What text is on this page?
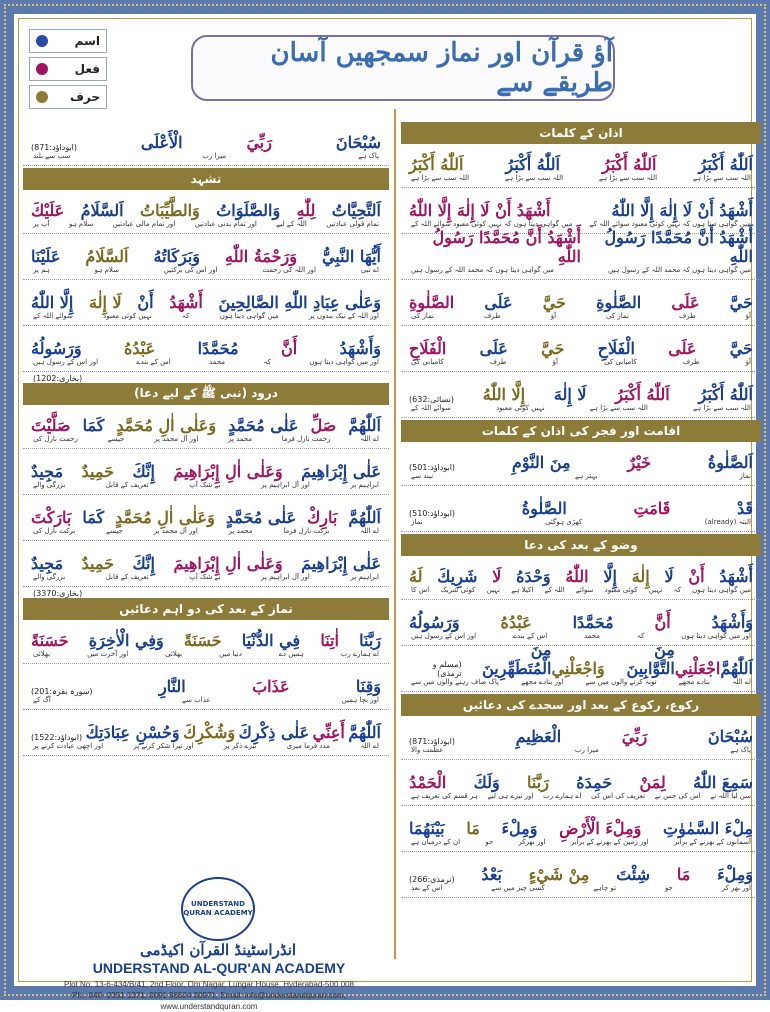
اسم
فعل
حرف
آؤ قرآن اور نماز سمجھیں آسان طریقے سے
سُبْحَانَ
رَبِّيَ
الْأَعْلَى
(ابوداؤد:871)
پاک ہے
میرا رب
سب سے بلند
تشہد
اَلتَّحِيَّاتُ
لِلّٰهِ
وَالصَّلَوَاتُ
وَالطَّيِّبَاتُ
اَلسَّلَامُ
عَلَيْكَ
تمام قولی عبادتیں
اللہ کے لیے
اور تمام بدنی عبادتیں
اور تمام مالی عبادتیں
سلام ہو
آپ پر
أَيُّهَا النَّبِيُّ
وَرَحْمَةُ اللّٰهِ
وَبَرَكَاتُهُ
اَلسَّلَامُ
عَلَيْنَا
اے نبی
اور اللہ کی رحمت
اور اس کی برکتیں
سلام ہو
ہم پر
وَعَلٰى عِبَادِ اللّٰهِ الصَّالِحِينَ
أَشْهَدُ
أَنْ
لَا إِلٰهَ
إِلَّا اللّٰهُ
اور اللہ کے نیک بندوں پر
میں گواہی دیتا ہوں
کہ
نہیں کوئی معبود
سوائے اللہ کے
وَأَشْهَدُ
أَنَّ
مُحَمَّدًا
عَبْدُهُ
وَرَسُولُهُ
اور میں گواہی دیتا ہوں
کہ
محمد
اس کے بندے
اور اس کے رسول ہیں
(بخاری:1202)
درود (نبی ﷺ کے لیے دعا)
اَللّٰهُمَّ
صَلِّ
عَلٰى مُحَمَّدٍ
وَعَلٰى اٰلِ مُحَمَّدٍ
كَمَا
صَلَّيْتَ
اے اللہ
رحمت نازل فرما
محمد پر
اور آل محمد پر
جیسے
رحمت نازل کی
عَلٰى إِبْرَاهِيمَ
وَعَلٰى اٰلِ إِبْرَاهِيمَ
إِنَّكَ
حَمِيدٌ
مَجِيدٌ
ابراہیم پر
اور آل ابراہیم پر
بے شک آپ
تعریف کے قابل
بزرگی والے
اَللّٰهُمَّ
بَارِكْ
عَلٰى مُحَمَّدٍ
وَعَلٰى اٰلِ مُحَمَّدٍ
كَمَا
بَارَكْتَ
اے اللہ
برکت نازل فرما
محمد پر
اور آل محمد پر
جیسے
برکت نازل کی
عَلٰى إِبْرَاهِيمَ
وَعَلٰى اٰلِ إِبْرَاهِيمَ
إِنَّكَ
حَمِيدٌ
مَجِيدٌ
ابراہیم پر
اور آل ابراہیم پر
بے شک آپ
تعریف کے قابل
بزرگی والے
(بخاری:3370)
نماز کے بعد کی دو اہم دعائیں
رَبَّنَا
اٰتِنَا
فِي الدُّنْيَا
حَسَنَةً
وَفِي الْاٰخِرَةِ
حَسَنَةً
اے ہمارے رب
ہمیں دے
دنیا میں
بھلائی
اور آخرت میں
بھلائی
وَقِنَا
عَذَابَ
النَّارِ
(سورہ بقرہ:201)
اور بچا ہمیں
عذاب سے
آگ کے
اَللّٰهُمَّ
أَعِنِّي
عَلٰى ذِكْرِكَ
وَشُكْرِكَ
وَحُسْنِ عِبَادَتِكَ
(ابوداؤد:1522)
اے اللہ
مدد فرما میری
تیرے ذکر پر
اور تیرا شکر کرنے پر
اور اچھی عبادت کرنے پر
اذان کے کلمات
اَللّٰهُ أَكْبَرُ
اَللّٰهُ أَكْبَرُ
اَللّٰهُ أَكْبَرُ
اَللّٰهُ أَكْبَرُ
اللہ سب سے بڑا ہے
اللہ سب سے بڑا ہے
اللہ سب سے بڑا ہے
اللہ سب سے بڑا ہے
أَشْهَدُ أَنْ لَا إِلٰهَ إِلَّا اللّٰهُ
أَشْهَدُ أَنْ لَا إِلٰهَ إِلَّا اللّٰهُ
میں گواہی دیتا ہوں کہ نہیں کوئی معبود سوائے اللہ کے
میں گواہی دیتا ہوں کہ نہیں کوئی معبود سوائے اللہ کے
أَشْهَدُ أَنَّ مُحَمَّدًا رَسُولُ اللّٰهِ
أَشْهَدُ أَنَّ مُحَمَّدًا رَسُولُ اللّٰهِ
میں گواہی دیتا ہوں کہ محمد اللہ کے رسول ہیں
میں گواہی دیتا ہوں کہ محمد اللہ کے رسول ہیں
حَيَّ
عَلَى
الصَّلٰوةِ
حَيَّ
عَلَى
الصَّلٰوةِ
آؤ
طرف
نماز کی
آؤ
طرف
نماز کی
حَيَّ
عَلَى
الْفَلَاحِ
حَيَّ
عَلَى
الْفَلَاحِ
آؤ
طرف
کامیابی کی
آؤ
طرف
کامیابی کی
اَللّٰهُ أَكْبَرُ
اَللّٰهُ أَكْبَرُ
لَا إِلٰهَ
إِلَّا اللّٰهُ
(نسائی:632)
اللہ سب سے بڑا ہے
اللہ سب سے بڑا ہے
نہیں کوئی معبود
سوائے اللہ کے
اقامت اور فجر کی اذان کے کلمات
اَلصَّلٰوةُ
خَيْرٌ
مِنَ النَّوْمِ
(ابوداؤد:501)
نماز
بہتر ہے
نیند سے
قَدْ
قَامَتِ
الصَّلٰوةُ
(ابوداؤد:510)
البتہ (already)
کھڑی ہوگئی
نماز
وضو کے بعد کی دعا
أَشْهَدُ
أَنْ
لَا
إِلٰهَ
إِلَّا
اللّٰهُ
وَحْدَهُ
لَا
شَرِيكَ
لَهُ
میں گواہی دیتا ہوں
کہ
نہیں
کوئی معبود
سوائے
اللہ کے
اکیلا ہے
نہیں
کوئی شریک
اس کا
وَأَشْهَدُ
أَنَّ
مُحَمَّدًا
عَبْدُهُ
وَرَسُولُهُ
اور میں گواہی دیتا ہوں
کہ
محمد
اس کے بندے
اور اس کے رسول ہیں
اَللّٰهُمَّ
اجْعَلْنِي
مِنَ التَّوَّابِينَ
وَاجْعَلْنِي
مِنَ الْمُتَطَهِّرِينَ
(مسلم و ترمذی)
اے اللہ
بنادے مجھے
توبہ کرنے والوں میں سے
اور بنادے مجھے
پاک صاف رہنے والوں میں سے
رکوع، رکوع کے بعد اور سجدے کی دعائیں
سُبْحَانَ
رَبِّيَ
الْعَظِيمِ
(ابوداؤد:871)
پاک ہے
میرا رب
عظمت والا
سَمِعَ اللّٰهُ
لِمَنْ
حَمِدَهُ
رَبَّنَا
وَلَكَ
الْحَمْدُ
سن لیا اللہ نے
اس کی جس نے
تعریف کی اس کی
اے ہمارے رب
اور تیرے ہی لیے
ہر قسم کی تعریف ہے
مِلْءَ السَّمٰوٰتِ
وَمِلْءَ الْأَرْضِ
وَمِلْءَ
مَا
بَيْنَهُمَا
آسمانوں کے بھرنے کے برابر
اور زمین کے بھرنے کے برابر
اور بھرکر
جو
ان کے درمیان ہے
وَمِلْءَ
مَا
شِئْتَ
مِنْ شَيْءٍ
بَعْدُ
(ترمذی:266)
اور بھر کر
جو
تو چاہے
کسی چیز میں سے
اس کے بعد
UNDERSTAND QURAN ACADEMY
انڈراسٹینڈ القرآن اکیڈمی
UNDERSTAND AL-QUR'AN ACADEMY
Plot No. 13-6-434/B/41, 2nd Floor, Om Nagar, Lungar House, Hyderabad-500 008
Ph.: 040- 2351 1371, 0091 96524 30971, Email: info@understandquran.com, www.understandquran.com
